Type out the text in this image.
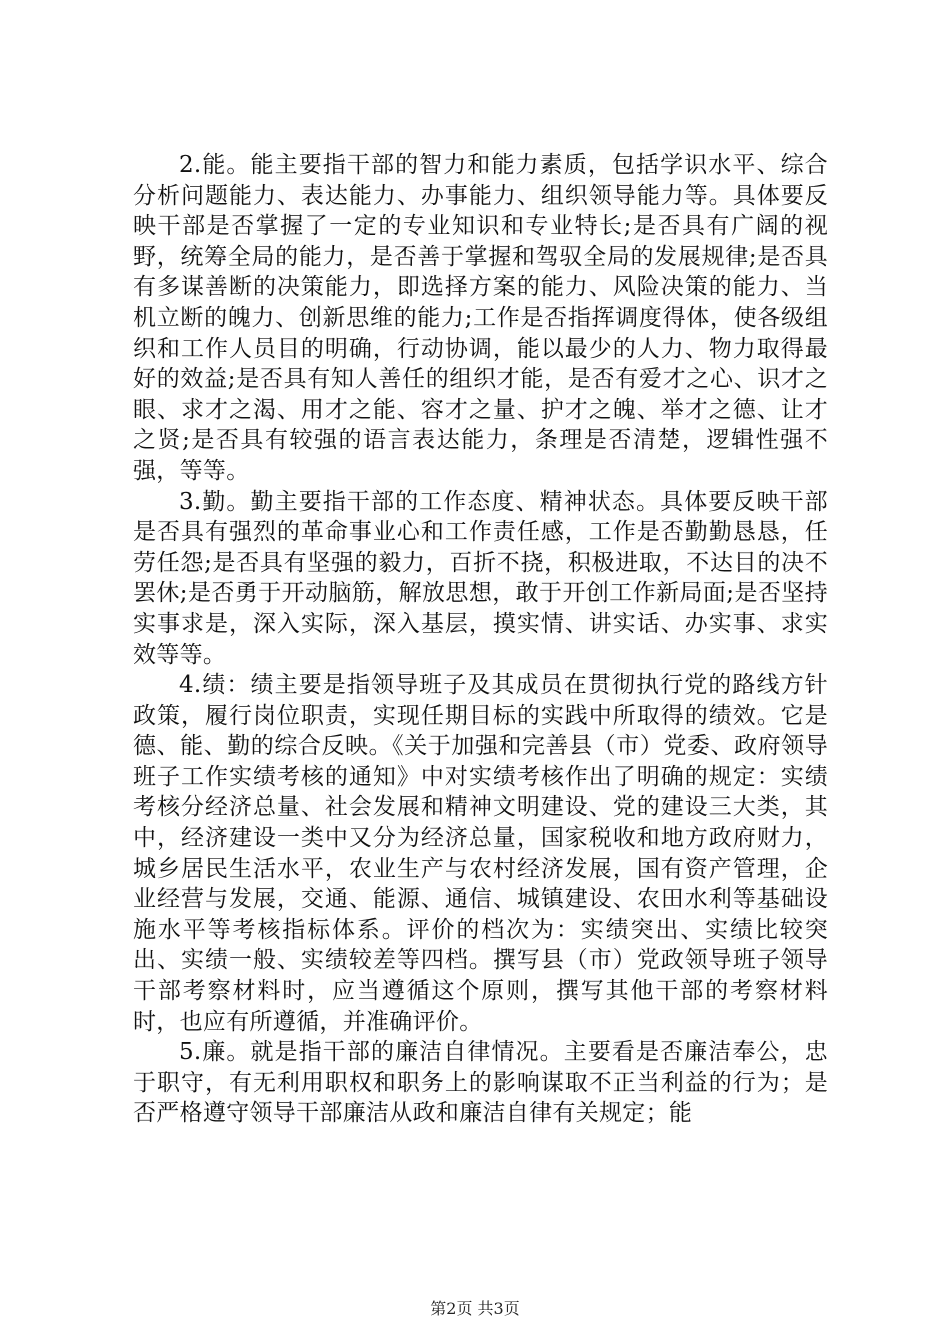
2.能。能主要指干部的智力和能力素质，包括学识水平、综合分析问题能力、表达能力、办事能力、组织领导能力等。具体要反映干部是否掌握了一定的专业知识和专业特长;是否具有广阔的视野，统筹全局的能力，是否善于掌握和驾驭全局的发展规律;是否具有多谋善断的决策能力，即选择方案的能力、风险决策的能力、当机立断的魄力、创新思维的能力;工作是否指挥调度得体，使各级组织和工作人员目的明确，行动协调，能以最少的人力、物力取得最好的效益;是否具有知人善任的组织才能，是否有爱才之心、识才之眼、求才之渴、用才之能、容才之量、护才之魄、举才之德、让才之贤;是否具有较强的语言表达能力，条理是否清楚，逻辑性强不强，等等。

3.勤。勤主要指干部的工作态度、精神状态。具体要反映干部是否具有强烈的革命事业心和工作责任感，工作是否勤勤恳恳，任劳任怨;是否具有坚强的毅力，百折不挠，积极进取，不达目的决不罢休;是否勇于开动脑筋，解放思想，敢于开创工作新局面;是否坚持实事求是，深入实际，深入基层，摸实情、讲实话、办实事、求实效等等。

4.绩：绩主要是指领导班子及其成员在贯彻执行党的路线方针政策，履行岗位职责，实现任期目标的实践中所取得的绩效。它是德、能、勤的综合反映。《关于加强和完善县（市）党委、政府领导班子工作实绩考核的通知》中对实绩考核作出了明确的规定：实绩考核分经济总量、社会发展和精神文明建设、党的建设三大类，其中，经济建设一类中又分为经济总量，国家税收和地方政府财力，城乡居民生活水平，农业生产与农村经济发展，国有资产管理，企业经营与发展，交通、能源、通信、城镇建设、农田水利等基础设施水平等考核指标体系。评价的档次为：实绩突出、实绩比较突出、实绩一般、实绩较差等四档。撰写县（市）党政领导班子领导干部考察材料时，应当遵循这个原则，撰写其他干部的考察材料时，也应有所遵循，并准确评价。

5.廉。就是指干部的廉洁自律情况。主要看是否廉洁奉公，忠于职守，有无利用职权和职务上的影响谋取不正当利益的行为；是否严格遵守领导干部廉洁从政和廉洁自律有关规定；能

第2页 共3页
